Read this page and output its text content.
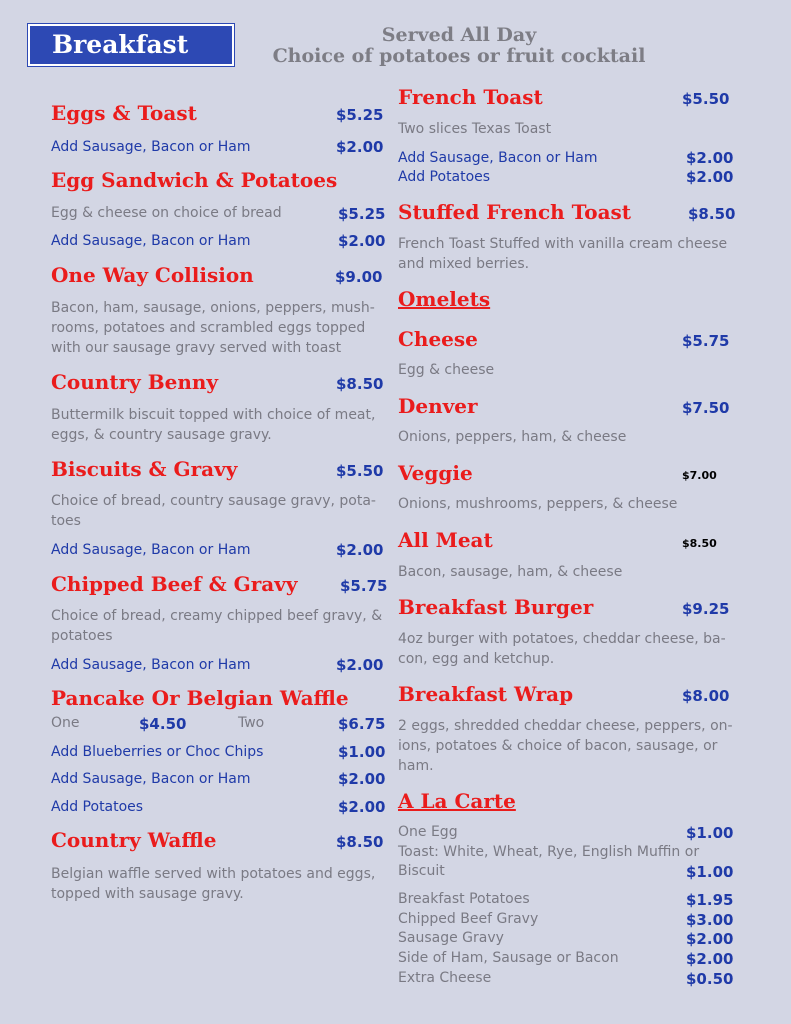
Breakfast	Served All Day
Choice of potatoes or fruit cocktail
Eggs & Toast	$5.25
Add Sausage, Bacon or Ham	$2.00
Egg Sandwich & Potatoes
Egg & cheese on choice of bread	$5.25
Add Sausage, Bacon or Ham	$2.00
One Way Collision	$9.00
Bacon, ham, sausage, onions, peppers, mush-rooms, potatoes and scrambled eggs topped with our sausage gravy served with toast
Country Benny	$8.50
Buttermilk biscuit topped with choice of meat, eggs, & country sausage gravy.
Biscuits & Gravy	$5.50
Choice of bread, country sausage gravy, pota-toes
Add Sausage, Bacon or Ham	$2.00
Chipped Beef & Gravy	$5.75
Choice of bread, creamy chipped beef gravy, & potatoes
Add Sausage, Bacon or Ham	$2.00
Pancake Or Belgian Waffle
One	$4.50	Two	$6.75
Add Blueberries or Choc Chips	$1.00
Add Sausage, Bacon or Ham	$2.00
Add Potatoes	$2.00
Country Waffle	$8.50
Belgian waffle served with potatoes and eggs, topped with sausage gravy.
French Toast	$5.50
Two slices Texas Toast
Add Sausage, Bacon or Ham	$2.00
Add Potatoes	$2.00
Stuffed French Toast	$8.50
French Toast Stuffed with vanilla cream cheese and mixed berries.
Omelets
Cheese	$5.75
Egg & cheese
Denver	$7.50
Onions, peppers, ham, & cheese
Veggie	$7.00
Onions, mushrooms, peppers, & cheese
All Meat	$8.50
Bacon, sausage, ham, & cheese
Breakfast Burger	$9.25
4oz burger with potatoes, cheddar cheese, ba-con, egg and ketchup.
Breakfast Wrap	$8.00
2 eggs, shredded cheddar cheese, peppers, on-ions, potatoes & choice of bacon, sausage, or ham.
A La Carte
One Egg	$1.00
Toast: White, Wheat, Rye, English Muffin or
Biscuit	$1.00
Breakfast Potatoes	$1.95
Chipped Beef Gravy	$3.00
Sausage Gravy	$2.00
Side of Ham, Sausage or Bacon	$2.00
Extra Cheese	$0.50
